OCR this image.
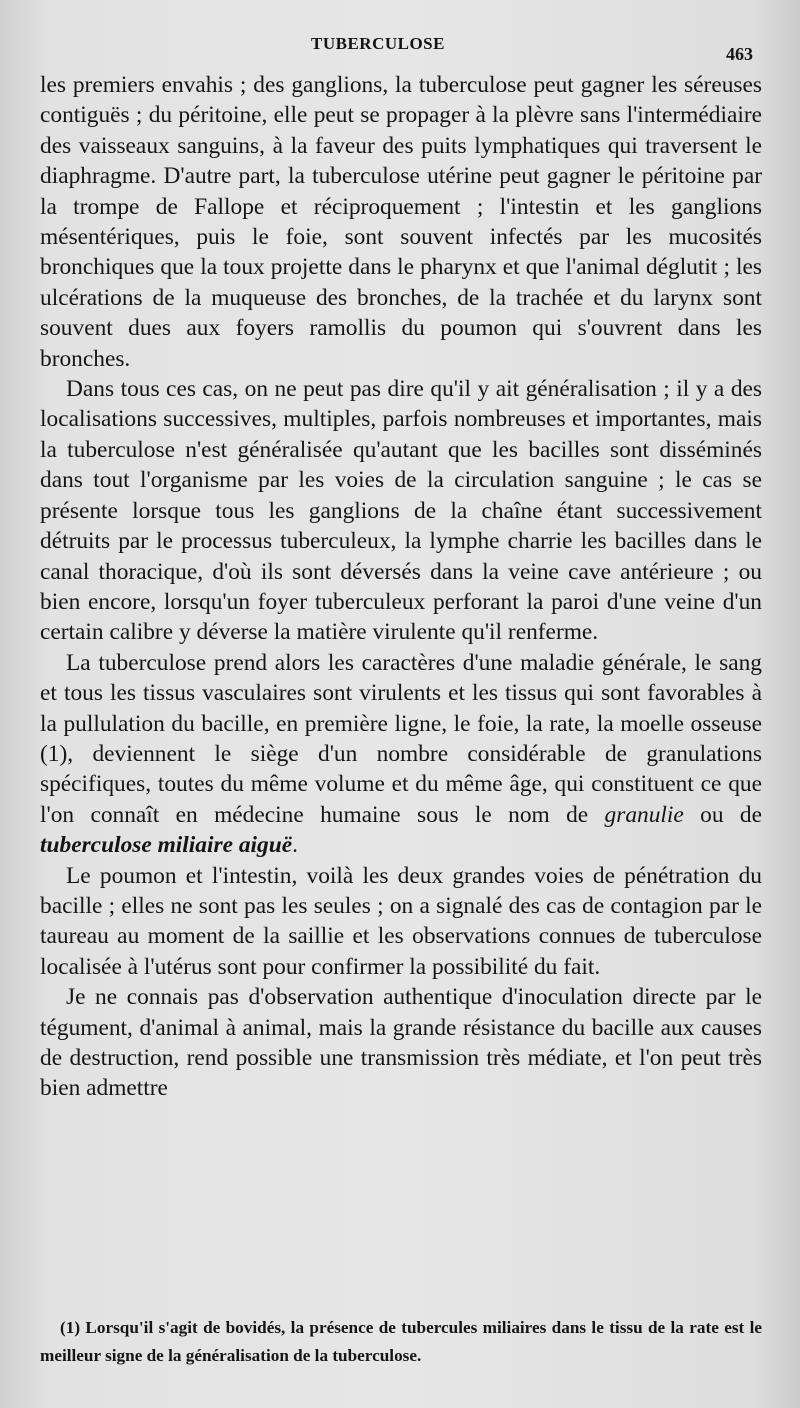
TUBERCULOSE
463

les premiers envahis ; des ganglions, la tuberculose peut gagner les séreuses contiguës ; du péritoine, elle peut se propager à la plèvre sans l'intermédiaire des vaisseaux sanguins, à la faveur des puits lymphatiques qui traversent le diaphragme. D'autre part, la tuberculose utérine peut gagner le péritoine par la trompe de Fallope et réciproquement ; l'intestin et les ganglions mésentériques, puis le foie, sont souvent infectés par les mucosités bronchiques que la toux projette dans le pharynx et que l'animal déglutit ; les ulcérations de la muqueuse des bronches, de la trachée et du larynx sont souvent dues aux foyers ramollis du poumon qui s'ouvrent dans les bronches.

Dans tous ces cas, on ne peut pas dire qu'il y ait généralisation ; il y a des localisations successives, multiples, parfois nombreuses et importantes, mais la tuberculose n'est généralisée qu'autant que les bacilles sont disséminés dans tout l'organisme par les voies de la circulation sanguine ; le cas se présente lorsque tous les ganglions de la chaîne étant successivement détruits par le processus tuberculeux, la lymphe charrie les bacilles dans le canal thoracique, d'où ils sont déversés dans la veine cave antérieure ; ou bien encore, lorsqu'un foyer tuberculeux perforant la paroi d'une veine d'un certain calibre y déverse la matière virulente qu'il renferme.

La tuberculose prend alors les caractères d'une maladie générale, le sang et tous les tissus vasculaires sont virulents et les tissus qui sont favorables à la pullulation du bacille, en première ligne, le foie, la rate, la moelle osseuse (1), deviennent le siège d'un nombre considérable de granulations spécifiques, toutes du même volume et du même âge, qui constituent ce que l'on connaît en médecine humaine sous le nom de granulie ou de tuberculose miliaire aiguë.

Le poumon et l'intestin, voilà les deux grandes voies de pénétration du bacille ; elles ne sont pas les seules ; on a signalé des cas de contagion par le taureau au moment de la saillie et les observations connues de tuberculose localisée à l'utérus sont pour confirmer la possibilité du fait.

Je ne connais pas d'observation authentique d'inoculation directe par le tégument, d'animal à animal, mais la grande résistance du bacille aux causes de destruction, rend possible une transmission très médiate, et l'on peut très bien admettre

(1) Lorsqu'il s'agit de bovidés, la présence de tubercules miliaires dans le tissu de la rate est le meilleur signe de la généralisation de la tuberculose.
